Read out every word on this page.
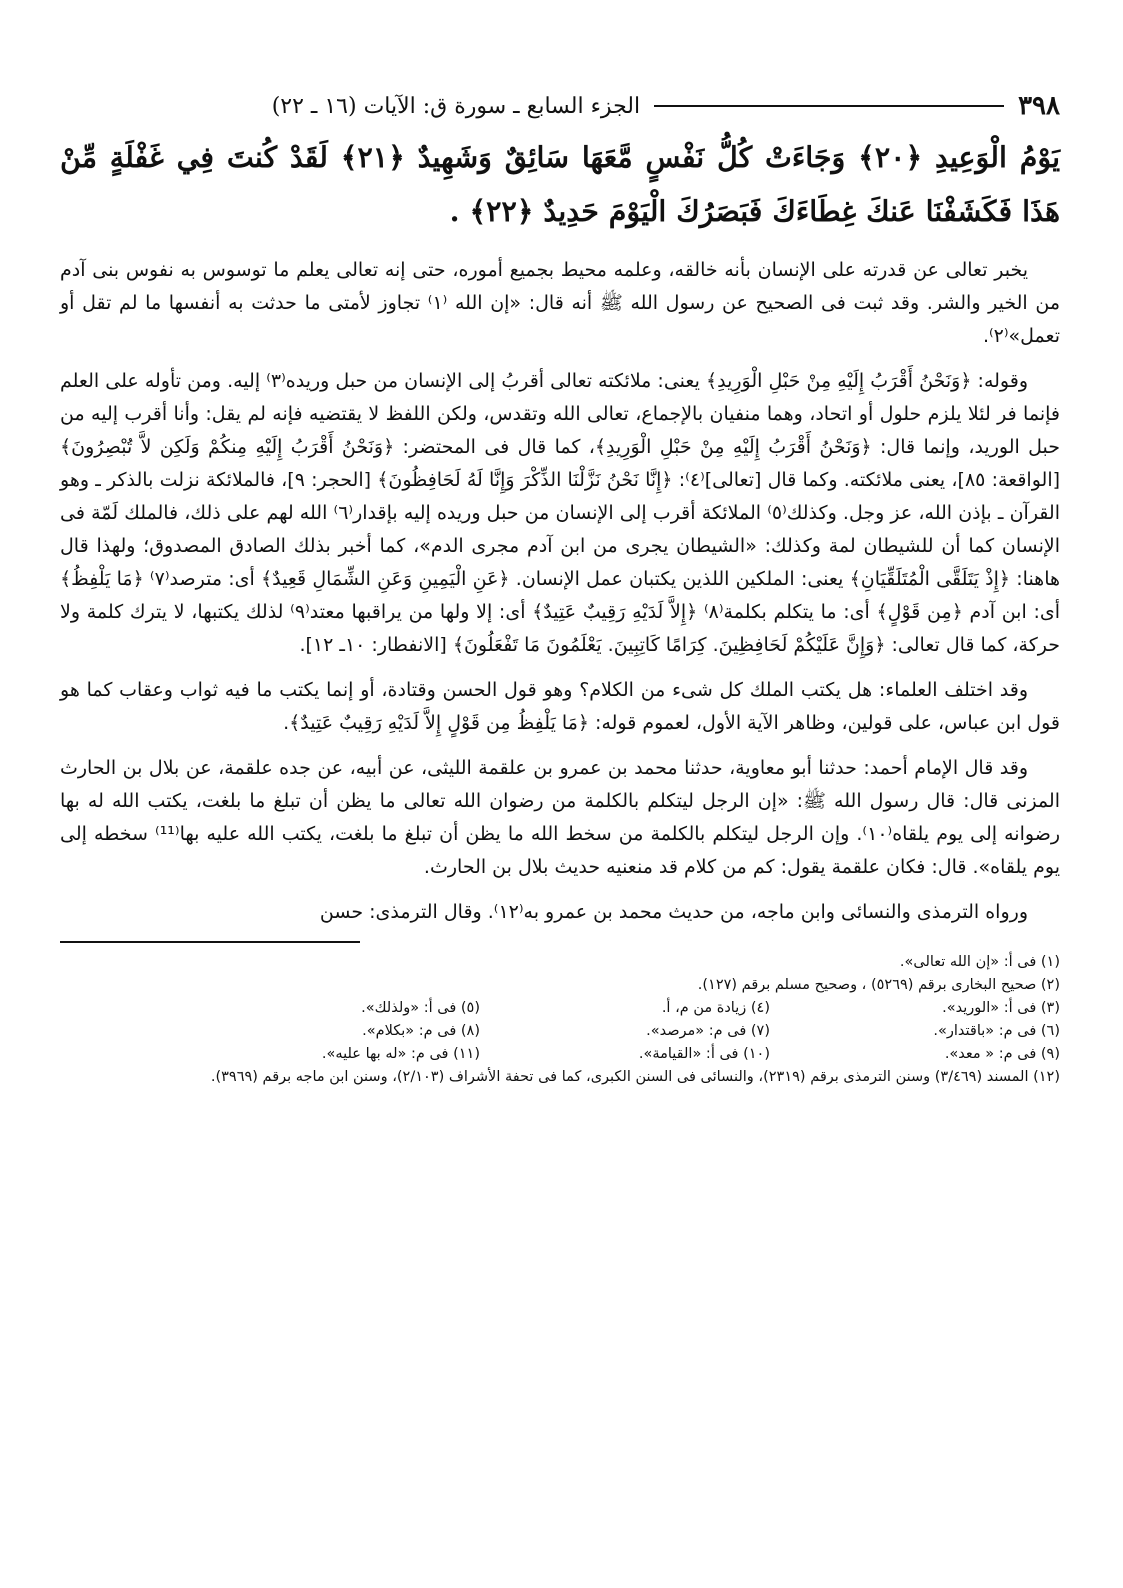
٣٩٨
الجزء السابع ـ سورة ق: الآيات (١٦ ـ ٢٢)
يَوْمُ الْوَعِيدِ ﴿٢٠﴾ وَجَاءَتْ كُلُّ نَفْسٍ مَّعَهَا سَائِقٌ وَشَهِيدٌ ﴿٢١﴾ لَقَدْ كُنتَ فِي غَفْلَةٍ مِّنْ هَذَا فَكَشَفْنَا عَنكَ غِطَاءَكَ فَبَصَرُكَ الْيَوْمَ حَدِيدٌ ﴿٢٢﴾ .

يخبر تعالى عن قدرته على الإنسان بأنه خالقه، وعلمه محيط بجميع أموره، حتى إنه تعالى يعلم ما توسوس به نفوس بنى آدم من الخير والشر. وقد ثبت فى الصحيح عن رسول الله ﷺ أنه قال: «إن الله ⁽١⁾ تجاوز لأمتى ما حدثت به أنفسها ما لم تقل أو تعمل»⁽٢⁾.

وقوله: ﴿وَنَحْنُ أَقْرَبُ إِلَيْهِ مِنْ حَبْلِ الْوَرِيدِ﴾ يعنى: ملائكته تعالى أقربُ إلى الإنسان من حبل وريده⁽٣⁾ إليه. ومن تأوله على العلم فإنما فر لئلا يلزم حلول أو اتحاد، وهما منفيان بالإجماع، تعالى الله وتقدس، ولكن اللفظ لا يقتضيه فإنه لم يقل: وأنا أقرب إليه من حبل الوريد، وإنما قال: ﴿وَنَحْنُ أَقْرَبُ إِلَيْهِ مِنْ حَبْلِ الْوَرِيدِ﴾، كما قال فى المحتضر: ﴿وَنَحْنُ أَقْرَبُ إِلَيْهِ مِنكُمْ وَلَكِن لاَّ تُبْصِرُونَ﴾ [الواقعة: ٨٥]، يعنى ملائكته. وكما قال [تعالى]⁽٤⁾: ﴿إِنَّا نَحْنُ نَزَّلْنَا الذِّكْرَ وَإِنَّا لَهُ لَحَافِظُونَ﴾ [الحجر: ٩]، فالملائكة نزلت بالذكر ـ وهو القرآن ـ بإذن الله، عز وجل. وكذلك⁽٥⁾ الملائكة أقرب إلى الإنسان من حبل وريده إليه بإقدار⁽٦⁾ الله لهم على ذلك، فالملك لَمّة فى الإنسان كما أن للشيطان لمة وكذلك: «الشيطان يجرى من ابن آدم مجرى الدم»، كما أخبر بذلك الصادق المصدوق؛ ولهذا قال هاهنا: ﴿إِذْ يَتَلَقَّى الْمُتَلَقِّيَانِ﴾ يعنى: الملكين اللذين يكتبان عمل الإنسان. ﴿عَنِ الْيَمِينِ وَعَنِ الشِّمَالِ قَعِيدٌ﴾ أى: مترصد⁽٧⁾ ﴿مَا يَلْفِظُ﴾ أى: ابن آدم ﴿مِن قَوْلٍ﴾ أى: ما يتكلم بكلمة⁽٨⁾ ﴿إِلاَّ لَدَيْهِ رَقِيبٌ عَتِيدٌ﴾ أى: إلا ولها من يراقبها معتد⁽٩⁾ لذلك يكتبها، لا يترك كلمة ولا حركة، كما قال تعالى: ﴿وَإِنَّ عَلَيْكُمْ لَحَافِظِينَ. كِرَامًا كَاتِبِينَ. يَعْلَمُونَ مَا تَفْعَلُونَ﴾ [الانفطار: ١٠ـ ١٢].

وقد اختلف العلماء: هل يكتب الملك كل شىء من الكلام؟ وهو قول الحسن وقتادة، أو إنما يكتب ما فيه ثواب وعقاب كما هو قول ابن عباس، على قولين، وظاهر الآية الأول، لعموم قوله: ﴿مَا يَلْفِظُ مِن قَوْلٍ إِلاَّ لَدَيْهِ رَقِيبٌ عَتِيدٌ﴾.

وقد قال الإمام أحمد: حدثنا أبو معاوية، حدثنا محمد بن عمرو بن علقمة الليثى، عن أبيه، عن جده علقمة، عن بلال بن الحارث المزنى قال: قال رسول الله ﷺ: «إن الرجل ليتكلم بالكلمة من رضوان الله تعالى ما يظن أن تبلغ ما بلغت، يكتب الله له بها رضوانه إلى يوم يلقاه⁽١٠⁾. وإن الرجل ليتكلم بالكلمة من سخط الله ما يظن أن تبلغ ما بلغت، يكتب الله عليه بها⁽¹¹⁾ سخطه إلى يوم يلقاه». قال: فكان علقمة يقول: كم من كلام قد منعنيه حديث بلال بن الحارث.

ورواه الترمذى والنسائى وابن ماجه، من حديث محمد بن عمرو به⁽١٢⁾. وقال الترمذى: حسن

(١) فى أ: «إن الله تعالى».
(٢) صحيح البخارى برقم (٥٢٦٩) ، وصحيح مسلم برقم (١٢٧).
(٣) فى أ: «الوريد».
(٤) زيادة من م، أ.
(٥) فى أ: «ولذلك».
(٦) فى م: «باقتدار».
(٧) فى م: «مرصد».
(٨) فى م: «بكلام».
(٩) فى م: « معد».
(١٠) فى أ: «القيامة».
(١١) فى م: «له بها عليه».
(١٢) المسند (٣/٤٦٩) وسنن الترمذى برقم (٢٣١٩)، والنسائى فى السنن الكبرى، كما فى تحفة الأشراف (٢/١٠٣)، وسنن ابن ماجه برقم (٣٩٦٩).
